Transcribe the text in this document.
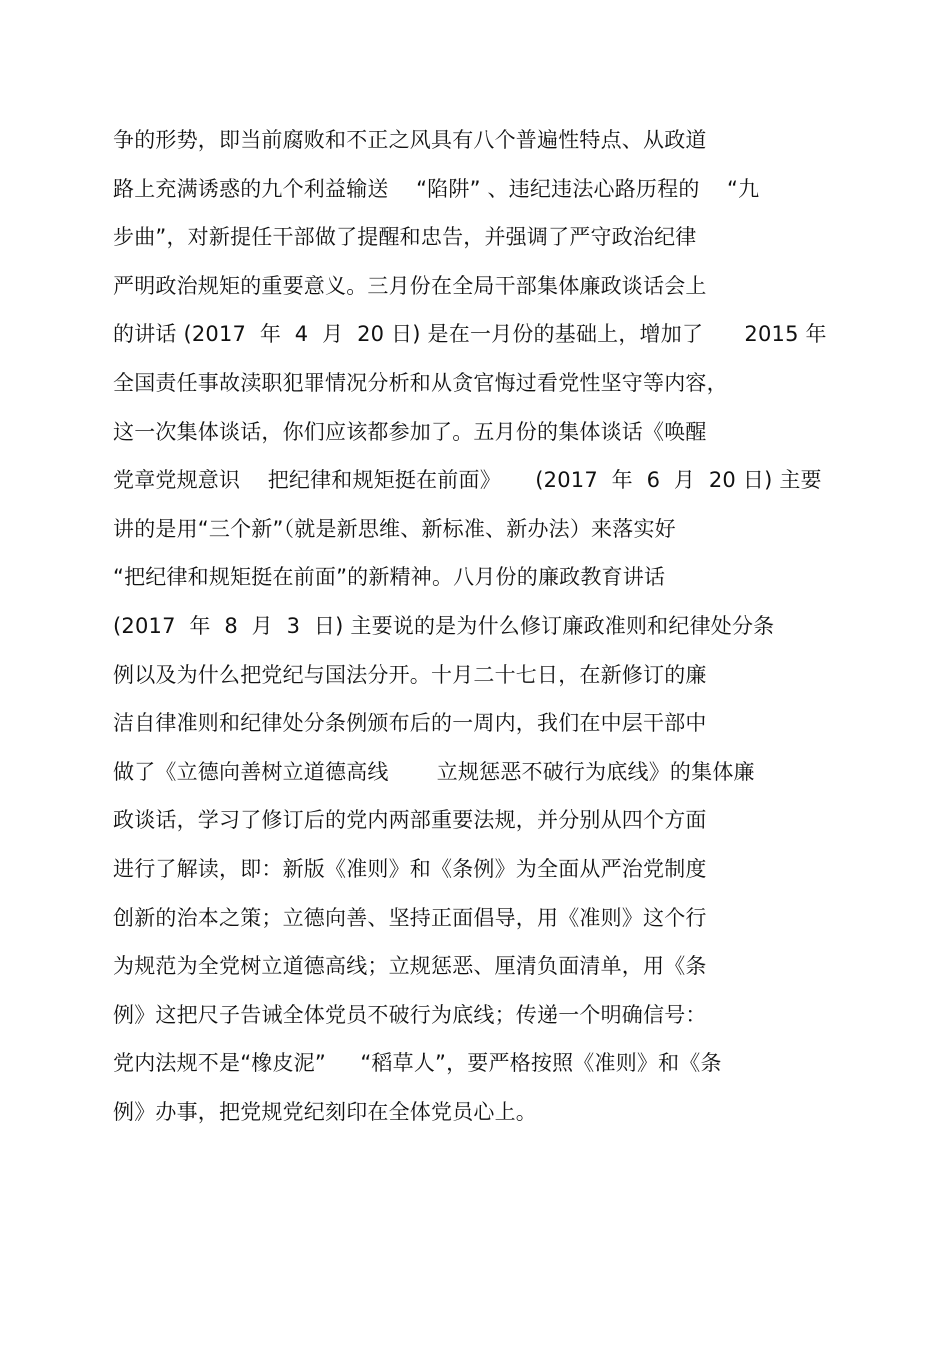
争的形势，即当前腐败和不正之风具有八个普遍性特点、从政道
路上充满诱惑的九个利益输送    “陷阱” 、违纪违法心路历程的    “九
步曲”，对新提任干部做了提醒和忠告，并强调了严守政治纪律
严明政治规矩的重要意义。三月份在全局干部集体廉政谈话会上
的讲话 (2017  年  4  月  20 日) 是在一月份的基础上，增加了      2015 年
全国责任事故渎职犯罪情况分析和从贪官悔过看党性坚守等内容，
这一次集体谈话，你们应该都参加了。五月份的集体谈话《唤醒
党章党规意识    把纪律和规矩挺在前面》     (2017  年  6  月  20 日) 主要
讲的是用“三个新”（就是新思维、新标准、新办法）来落实好
“把纪律和规矩挺在前面”的新精神。八月份的廉政教育讲话
(2017  年  8  月  3  日) 主要说的是为什么修订廉政准则和纪律处分条
例以及为什么把党纪与国法分开。十月二十七日，在新修订的廉
洁自律准则和纪律处分条例颁布后的一周内，我们在中层干部中
做了《立德向善树立道德高线       立规惩恶不破行为底线》的集体廉
政谈话，学习了修订后的党内两部重要法规，并分别从四个方面
进行了解读，即：新版《准则》和《条例》为全面从严治党制度
创新的治本之策；立德向善、坚持正面倡导，用《准则》这个行
为规范为全党树立道德高线；立规惩恶、厘清负面清单，用《条
例》这把尺子告诫全体党员不破行为底线；传递一个明确信号：
党内法规不是“橡皮泥”     “稻草人”，要严格按照《准则》和《条
例》办事，把党规党纪刻印在全体党员心上。
